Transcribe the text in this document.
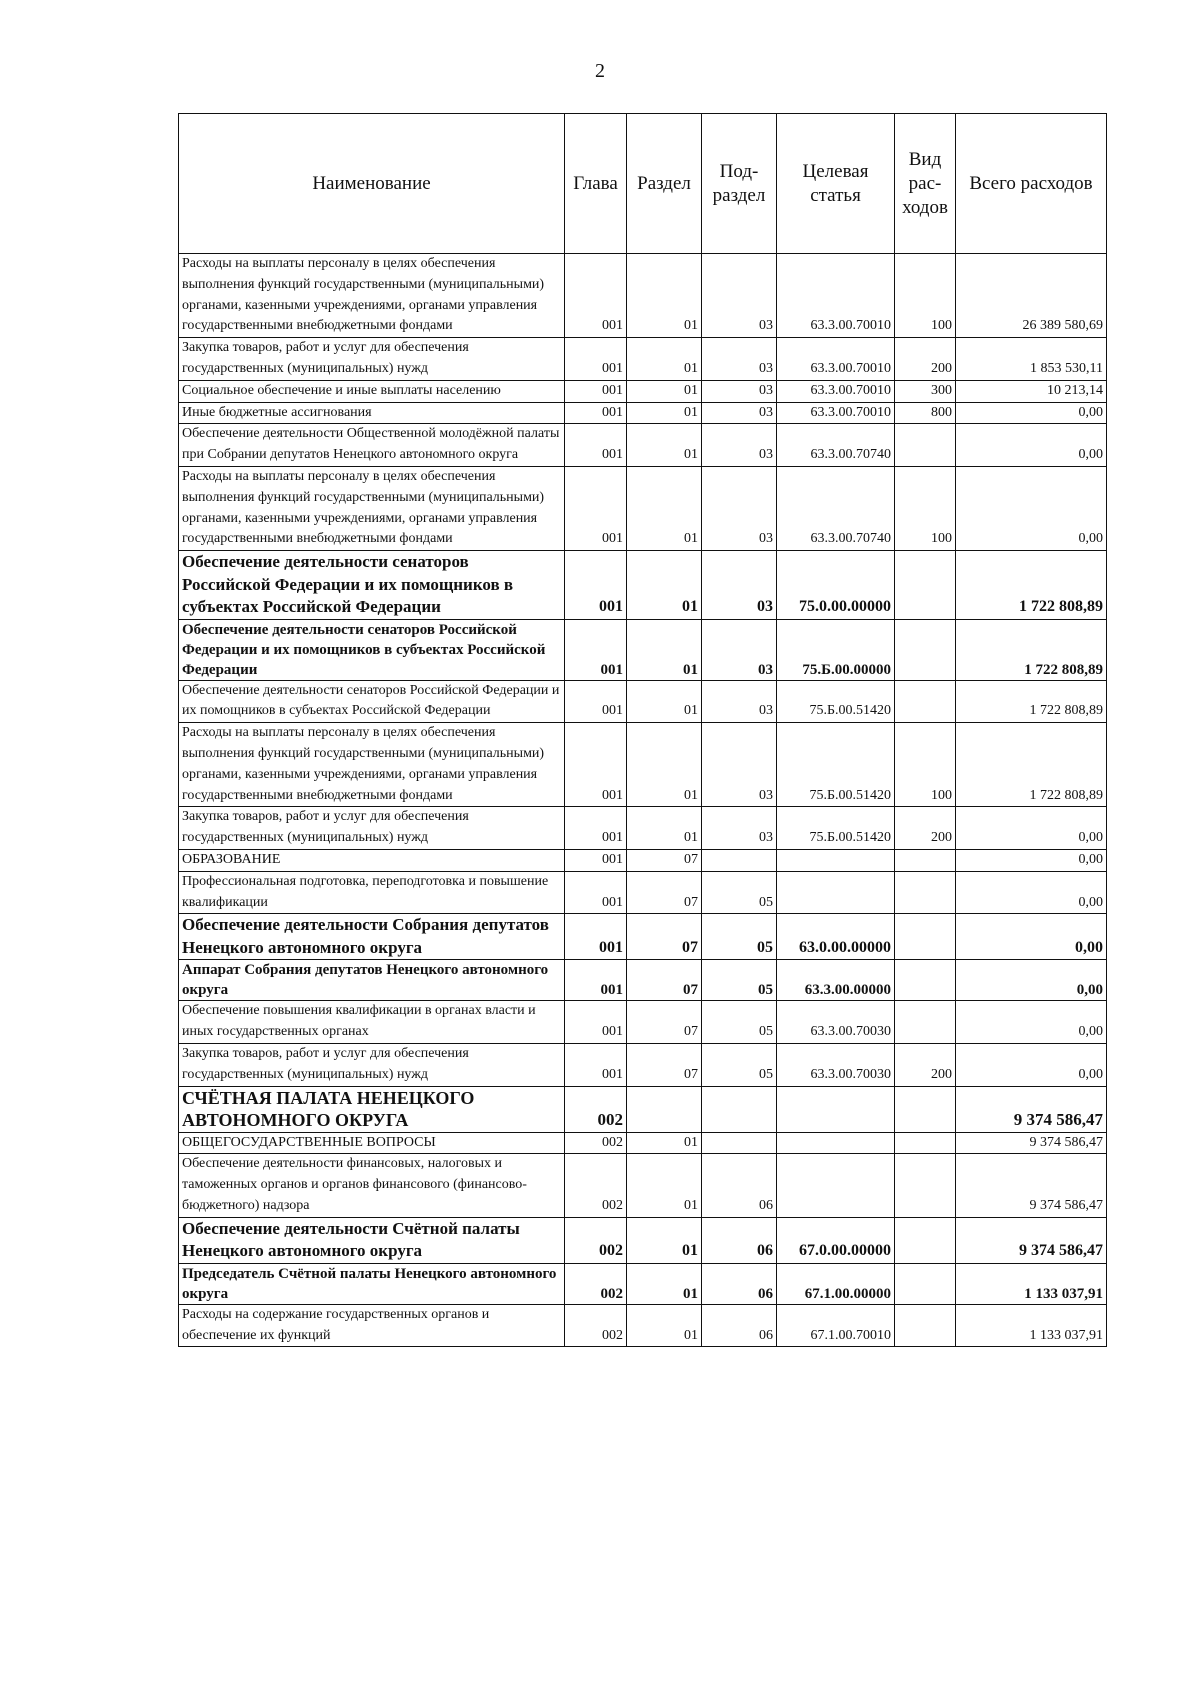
2
Наименование	Глава	Раздел	Под-раздел	Целевая статья	Вид рас-ходов	Всего расходов
Расходы на выплаты персоналу в целях обеспечения выполнения функций государственными (муниципальными) органами, казенными учреждениями, органами управления государственными внебюджетными фондами	001	01	03	63.3.00.70010	100	26 389 580,69
Закупка товаров, работ и услуг для обеспечения государственных (муниципальных) нужд	001	01	03	63.3.00.70010	200	1 853 530,11
Социальное обеспечение и иные выплаты населению	001	01	03	63.3.00.70010	300	10 213,14
Иные бюджетные ассигнования	001	01	03	63.3.00.70010	800	0,00
Обеспечение деятельности Общественной молодёжной палаты при Собрании депутатов Ненецкого автономного округа	001	01	03	63.3.00.70740		0,00
Расходы на выплаты персоналу в целях обеспечения выполнения функций государственными (муниципальными) органами, казенными учреждениями, органами управления государственными внебюджетными фондами	001	01	03	63.3.00.70740	100	0,00
Обеспечение деятельности сенаторов Российской Федерации и их помощников в субъектах Российской Федерации	001	01	03	75.0.00.00000		1 722 808,89
Обеспечение деятельности сенаторов Российской Федерации и их помощников в субъектах Российской Федерации	001	01	03	75.Б.00.00000		1 722 808,89
Обеспечение деятельности сенаторов Российской Федерации и их помощников в субъектах Российской Федерации	001	01	03	75.Б.00.51420		1 722 808,89
Расходы на выплаты персоналу в целях обеспечения выполнения функций государственными (муниципальными) органами, казенными учреждениями, органами управления государственными внебюджетными фондами	001	01	03	75.Б.00.51420	100	1 722 808,89
Закупка товаров, работ и услуг для обеспечения государственных (муниципальных) нужд	001	01	03	75.Б.00.51420	200	0,00
ОБРАЗОВАНИЕ	001	07				0,00
Профессиональная подготовка, переподготовка и повышение квалификации	001	07	05			0,00
Обеспечение деятельности Собрания депутатов Ненецкого автономного округа	001	07	05	63.0.00.00000		0,00
Аппарат Собрания депутатов Ненецкого автономного округа	001	07	05	63.3.00.00000		0,00
Обеспечение повышения квалификации в органах власти и иных государственных органах	001	07	05	63.3.00.70030		0,00
Закупка товаров, работ и услуг для обеспечения государственных (муниципальных) нужд	001	07	05	63.3.00.70030	200	0,00
СЧЁТНАЯ ПАЛАТА НЕНЕЦКОГО АВТОНОМНОГО ОКРУГА	002					9 374 586,47
ОБЩЕГОСУДАРСТВЕННЫЕ ВОПРОСЫ	002	01				9 374 586,47
Обеспечение деятельности финансовых, налоговых и таможенных органов и органов финансового (финансово-бюджетного) надзора	002	01	06			9 374 586,47
Обеспечение деятельности Счётной палаты Ненецкого автономного округа	002	01	06	67.0.00.00000		9 374 586,47
Председатель Счётной палаты Ненецкого автономного округа	002	01	06	67.1.00.00000		1 133 037,91
Расходы на содержание государственных органов и обеспечение их функций	002	01	06	67.1.00.70010		1 133 037,91
